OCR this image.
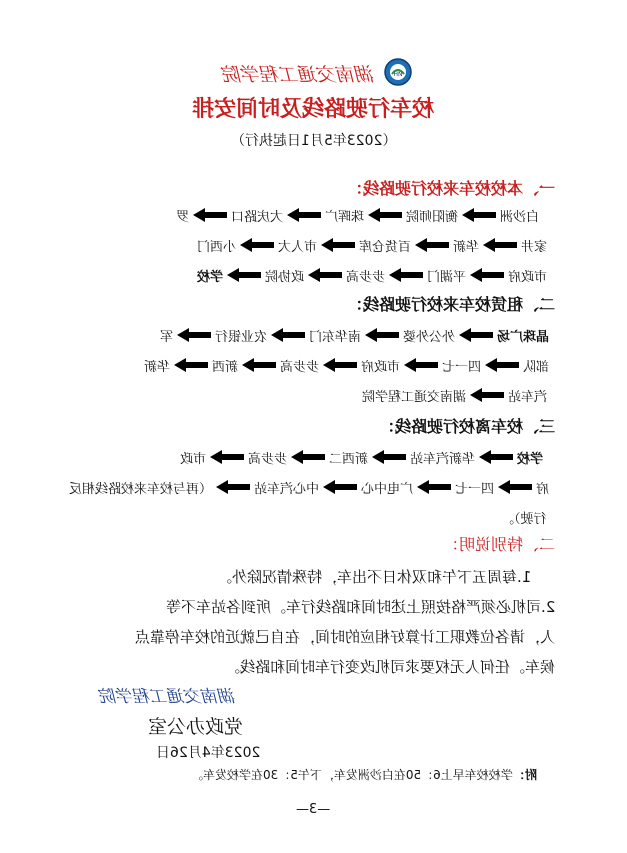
HN
湖南交通工程学院
校车行驶路线及时间安排
（2023年5月1日起执行）
一、本校校车来校行驶路线：
罗	大庆路口	珠晖广	衡阳师院	白沙洲
小西门	市人大	百货仓库	华新	家井
学校	政协院	步步高	平湖门	市政府
二、租赁校车来校行驶路线：
军	农业银行	南华东门	外公外婆	晶珠广场
华新	新西	步步高	市政府	四一七	部队
湖南交通工程学院	汽车站
三、校车离校行驶路线：
市政	步步高	新西二	华新汽车站	学校
（再与校车来校路线相反	中心汽车站	广电中心	四一七	府
行驶）。
二、特别说明：
1.每周五下午和双休日不出车，特殊情况除外。
2.司机必须严格按照上述时间和路线行车。所到各站车不等
人，请各位教职工计算好相应的时间，在自己就近的校车停靠点
候车。任何人无权要求司机改变行车时间和路线。
湖南交通工程学院
党政办公室
2023年4月26日
附：
学校校车早上6：50在白沙洲发车，下午5：30在学校发车。
—3—
